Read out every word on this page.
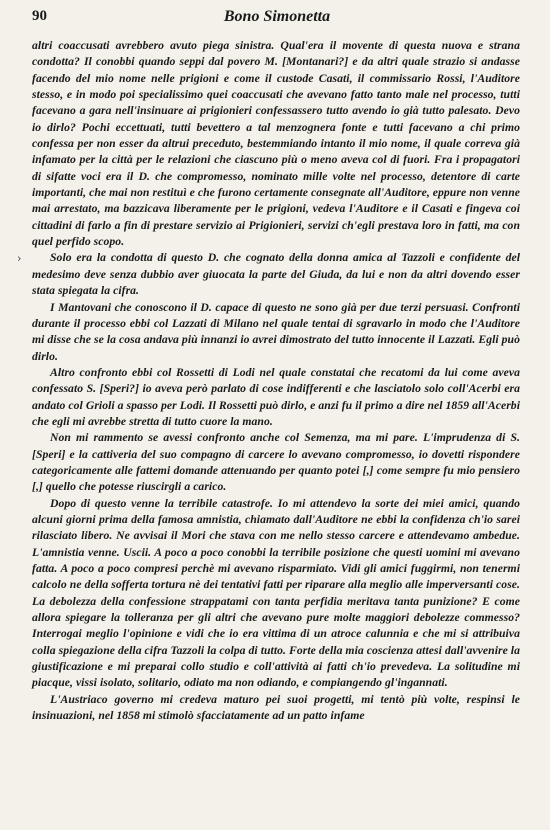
90	Bono Simonetta
›

altri coaccusati avrebbero avuto piega sinistra. Qual'era il movente di questa nuova e strana condotta? Il conobbi quando seppi dal povero M. [Montanari?] e da altri quale strazio si andasse facendo del mio nome nelle prigioni e come il custode Casati, il commissario Rossi, l'Auditore stesso, e in modo poi specialissimo quei coaccusati che avevano fatto tanto male nel processo, tutti facevano a gara nell'insinuare ai prigionieri confessassero tutto avendo io già tutto palesato. Devo io dirlo? Pochi eccettuati, tutti bevettero a tal menzognera fonte e tutti facevano a chi primo confessa per non esser da altrui preceduto, bestemmiando intanto il mio nome, il quale correva già infamato per la città per le relazioni che ciascuno più o meno aveva col di fuori. Fra i propagatori di sifatte voci era il D. che compromesso, nominato mille volte nel processo, detentore di carte importanti, che mai non restituì e che furono certamente consegnate all'Auditore, eppure non venne mai arrestato, ma bazzicava liberamente per le prigioni, vedeva l'Auditore e il Casati e fingeva coi cittadini di farlo a fin di prestare servizio ai Prigionieri, servizi ch'egli prestava loro in fatti, ma con quel perfido scopo.

Solo era la condotta di questo D. che cognato della donna amica al Tazzoli e confidente del medesimo deve senza dubbio aver giuocata la parte del Giuda, da lui e non da altri dovendo esser stata spiegata la cifra.

I Mantovani che conoscono il D. capace di questo ne sono già per due terzi persuasi. Confronti durante il processo ebbi col Lazzati di Milano nel quale tentai di sgravarlo in modo che l'Auditore mi disse che se la cosa andava più innanzi io avrei dimostrato del tutto innocente il Lazzati. Egli può dirlo.

Altro confronto ebbi col Rossetti di Lodi nel quale constatai che recatomi da lui come aveva confessato S. [Speri?] io aveva però parlato di cose indifferenti e che lasciatolo solo coll'Acerbi era andato col Grioli a spasso per Lodi. Il Rossetti può dirlo, e anzi fu il primo a dire nel 1859 all'Acerbi che egli mi avrebbe stretta di tutto cuore la mano.

Non mi rammento se avessi confronto anche col Semenza, ma mi pare. L'imprudenza di S. [Speri] e la cattiveria del suo compagno di carcere lo avevano compromesso, io dovetti rispondere categoricamente alle fattemi domande attenuando per quanto potei [,] come sempre fu mio pensiero [,] quello che potesse riuscirgli a carico.

Dopo di questo venne la terribile catastrofe. Io mi attendevo la sorte dei miei amici, quando alcuni giorni prima della famosa amnistia, chiamato dall'Auditore ne ebbi la confidenza ch'io sarei rilasciato libero. Ne avvisai il Mori che stava con me nello stesso carcere e attendevamo ambedue. L'amnistia venne. Uscii. A poco a poco conobbi la terribile posizione che questi uomini mi avevano fatta. A poco a poco compresi perchè mi avevano risparmiato. Vidi gli amici fuggirmi, non tenermi calcolo ne della sofferta tortura nè dei tentativi fatti per riparare alla meglio alle imperversanti cose. La debolezza della confessione strappatami con tanta perfidia meritava tanta punizione? E come allora spiegare la tolleranza per gli altri che avevano pure molte maggiori debolezze commesso? Interrogai meglio l'opinione e vidi che io era vittima di un atroce calunnia e che mi si attribuiva colla spiegazione della cifra Tazzoli la colpa di tutto. Forte della mia coscienza attesi dall'avvenire la giustificazione e mi preparai collo studio e coll'attività ai fatti ch'io prevedeva. La solitudine mi piacque, vissi isolato, solitario, odiato ma non odiando, e compiangendo gl'ingannati.

L'Austriaco governo mi credeva maturo pei suoi progetti, mi tentò più volte, respinsi le insinuazioni, nel 1858 mi stimolò sfacciatamente ad un patto infame
